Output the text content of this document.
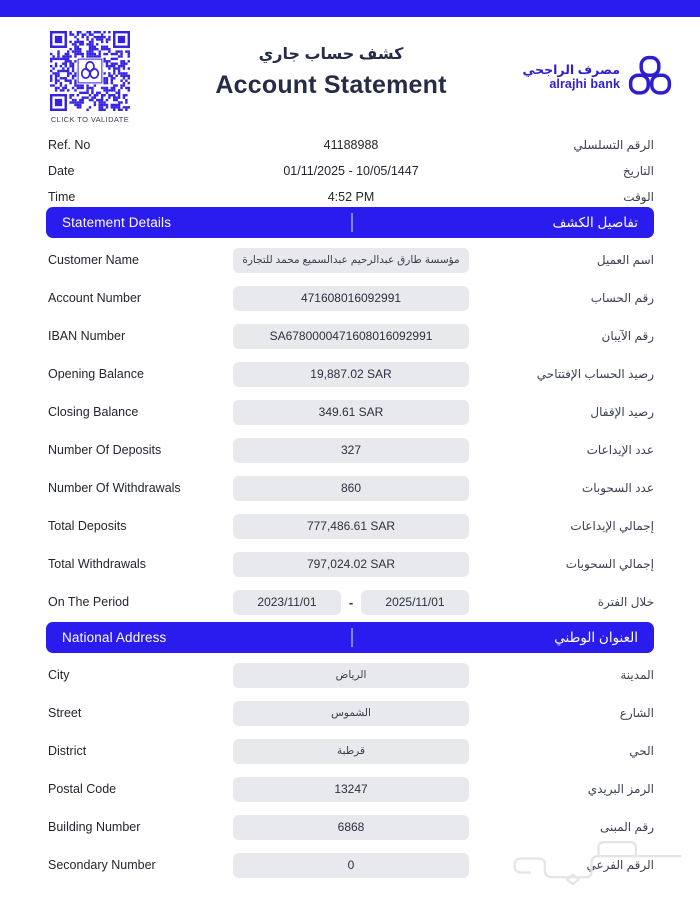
CLICK TO VALIDATE
كشف حساب جاري
Account Statement
مصرف الراجحي
alrajhi bank
Ref. No	41188988	الرقم التسلسلي
Date	01/11/2025 - 10/05/1447	التاريخ
Time	4:52 PM	الوقت
Statement Details	تفاصيل الكشف
Customer Name	مؤسسة طارق عبدالرحيم عبدالسميع محمد للتجارة	اسم العميل
Account Number	471608016092991	رقم الحساب
IBAN Number	SA6780000471608016092991	رقم الآيبان
Opening Balance	19,887.02 SAR	رصيد الحساب الإفتتاحي
Closing Balance	349.61 SAR	رصيد الإقفال
Number Of Deposits	327	عدد الإيداعات
Number Of Withdrawals	860	عدد السحوبات
Total Deposits	777,486.61 SAR	إجمالي الإيداعات
Total Withdrawals	797,024.02 SAR	إجمالي السحوبات
On The Period	2023/11/01	-	2025/11/01	خلال الفترة
National Address	العنوان الوطني
City	الرياض	المدينة
Street	الشموس	الشارع
District	قرطبة	الحي
Postal Code	13247	الرمز البريدي
Building Number	6868	رقم المبنى
Secondary Number	0	الرقم الفرعي
